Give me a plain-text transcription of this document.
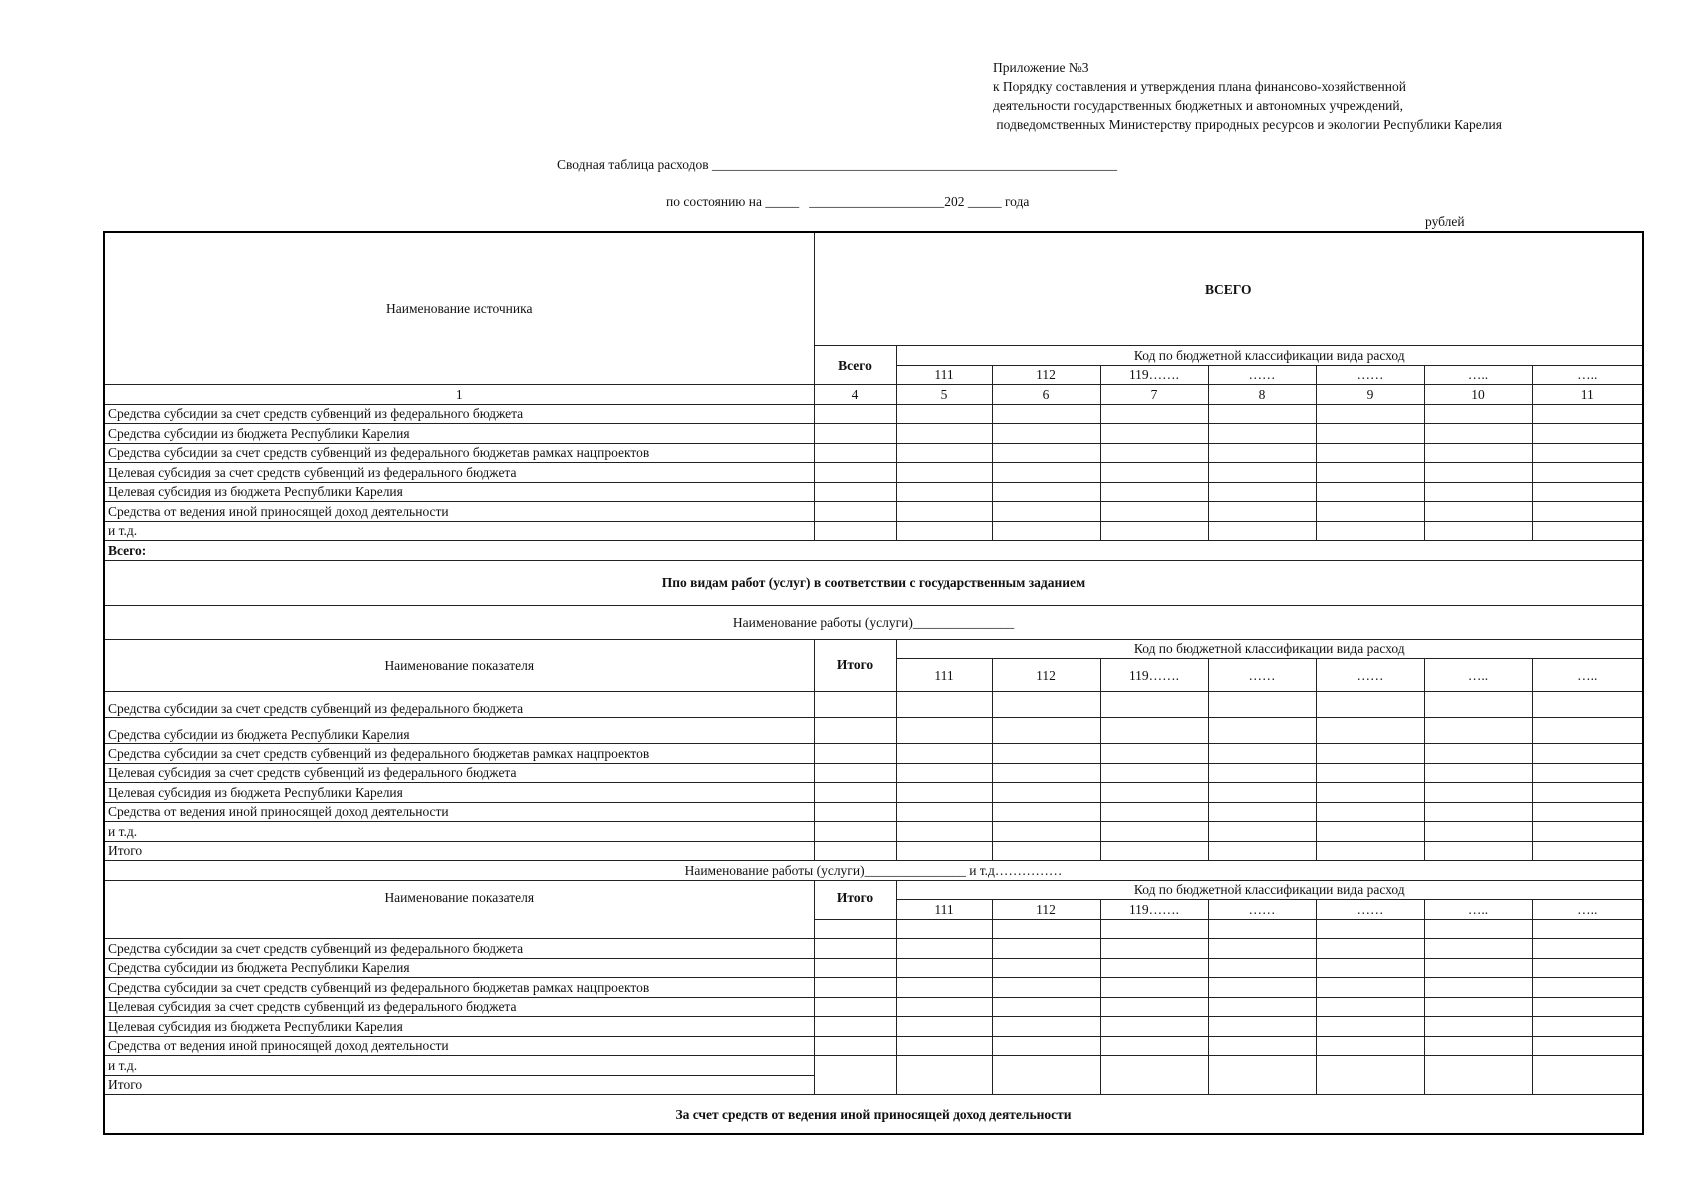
Приложение №3
к Порядку составления и утверждения плана финансово-хозяйственной
деятельности государственных бюджетных и автономных учреждений,
подведомственных Министерству природных ресурсов и экологии Республики Карелия
Сводная таблица расходов ____________________________________________________________
по состоянию на _____   ____________________202 _____ года
рублей
Наименование источника	ВСЕГО							
	Всего	Код по бюджетной классификации вида расход						
		111	112	119…….	……	……	…..	…..
1	4	5	6	7	8	9	10	11
Средства субсидии за счет средств субвенций из федерального бюджета								
Средства субсидии из бюджета Республики Карелия								
Средства субсидии за счет средств субвенций из федерального бюджетав рамках нацпроектов								
Целевая субсидия за счет средств субвенций из федерального бюджета								
Целевая субсидия из бюджета Республики Карелия								
Средства от ведения иной приносящей доход деятельности								
и т.д.								
Всего:								
Ппо видам работ (услуг) в соответствии с государственным заданием								
Наименование работы (услуги)_______________								
Наименование показателя	Итого	Код по бюджетной классификации вида расход						
		111	112	119…….	……	……	…..	…..
Средства субсидии за счет средств субвенций из федерального бюджета								
Средства субсидии из бюджета Республики Карелия								
Средства субсидии за счет средств субвенций из федерального бюджетав рамках нацпроектов								
Целевая субсидия за счет средств субвенций из федерального бюджета								
Целевая субсидия из бюджета Республики Карелия								
Средства от ведения иной приносящей доход деятельности								
и т.д.								
Итого								
Наименование работы (услуги)_______________ и т.д……………								
Наименование показателя	Итого	Код по бюджетной классификации вида расход						
		111	112	119…….	……	……	…..	…..

Средства субсидии за счет средств субвенций из федерального бюджета								
Средства субсидии из бюджета Республики Карелия								
Средства субсидии за счет средств субвенций из федерального бюджетав рамках нацпроектов								
Целевая субсидия за счет средств субвенций из федерального бюджета								
Целевая субсидия из бюджета Республики Карелия								
Средства от ведения иной приносящей доход деятельности								
и т.д.								
Итого								
За счет средств от ведения иной приносящей доход деятельности								
